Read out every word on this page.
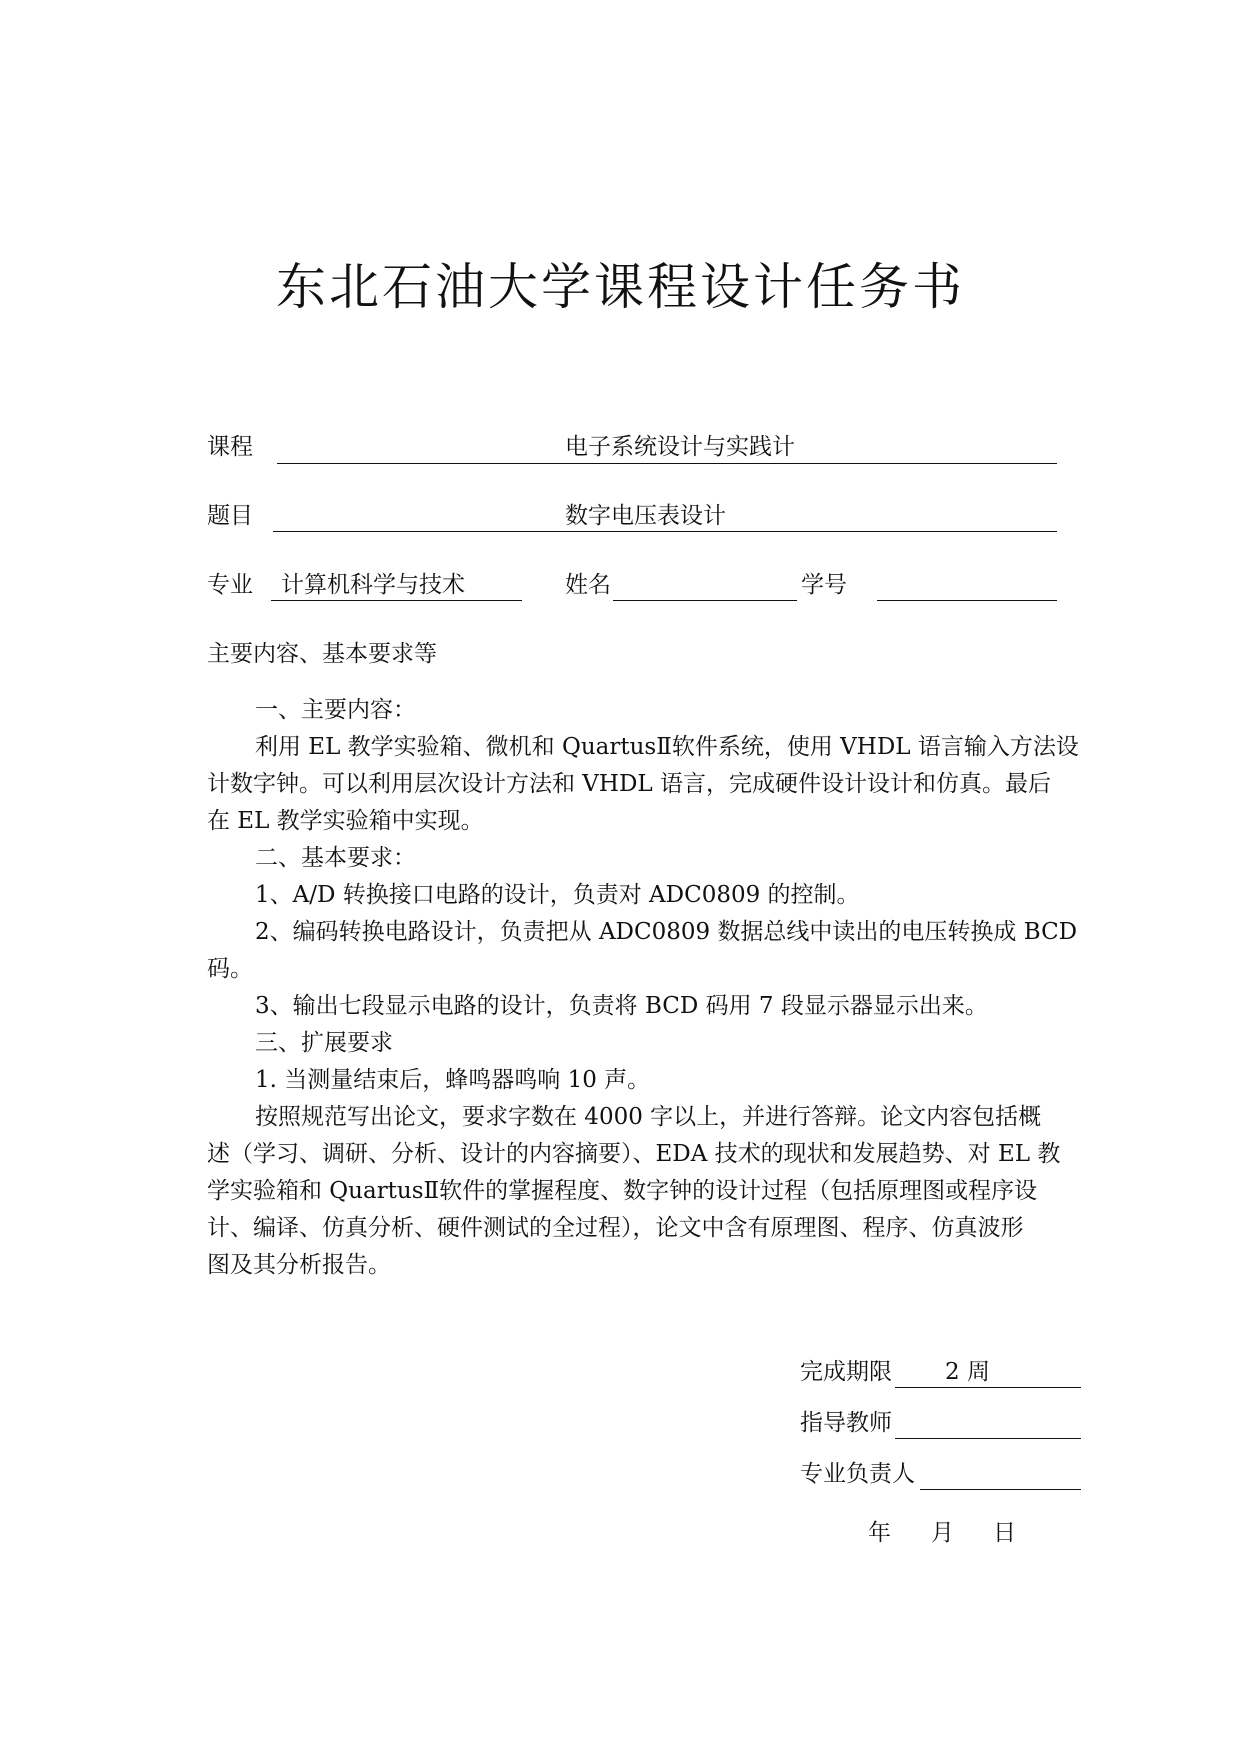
东北石油大学课程设计任务书
课程	电子系统设计与实践计
题目	数字电压表设计
专业 计算机科学与技术	姓名	学号
主要内容、基本要求等
一、主要内容：
利用 EL 教学实验箱、微机和 QuartusⅡ软件系统，使用 VHDL 语言输入方法设
计数字钟。可以利用层次设计方法和 VHDL 语言，完成硬件设计设计和仿真。最后
在 EL 教学实验箱中实现。
二、基本要求：
1、A/D 转换接口电路的设计，负责对 ADC0809 的控制。
2、编码转换电路设计，负责把从 ADC0809 数据总线中读出的电压转换成 BCD
码。
3、输出七段显示电路的设计，负责将 BCD 码用 7 段显示器显示出来。
三、扩展要求
1. 当测量结束后，蜂鸣器鸣响 10 声。
按照规范写出论文，要求字数在 4000 字以上，并进行答辩。论文内容包括概
述（学习、调研、分析、设计的内容摘要）、EDA 技术的现状和发展趋势、对 EL 教
学实验箱和 QuartusⅡ软件的掌握程度、数字钟的设计过程（包括原理图或程序设
计、编译、仿真分析、硬件测试的全过程），论文中含有原理图、程序、仿真波形
图及其分析报告。
完成期限 2 周
指导教师
专业负责人
年 月 日
